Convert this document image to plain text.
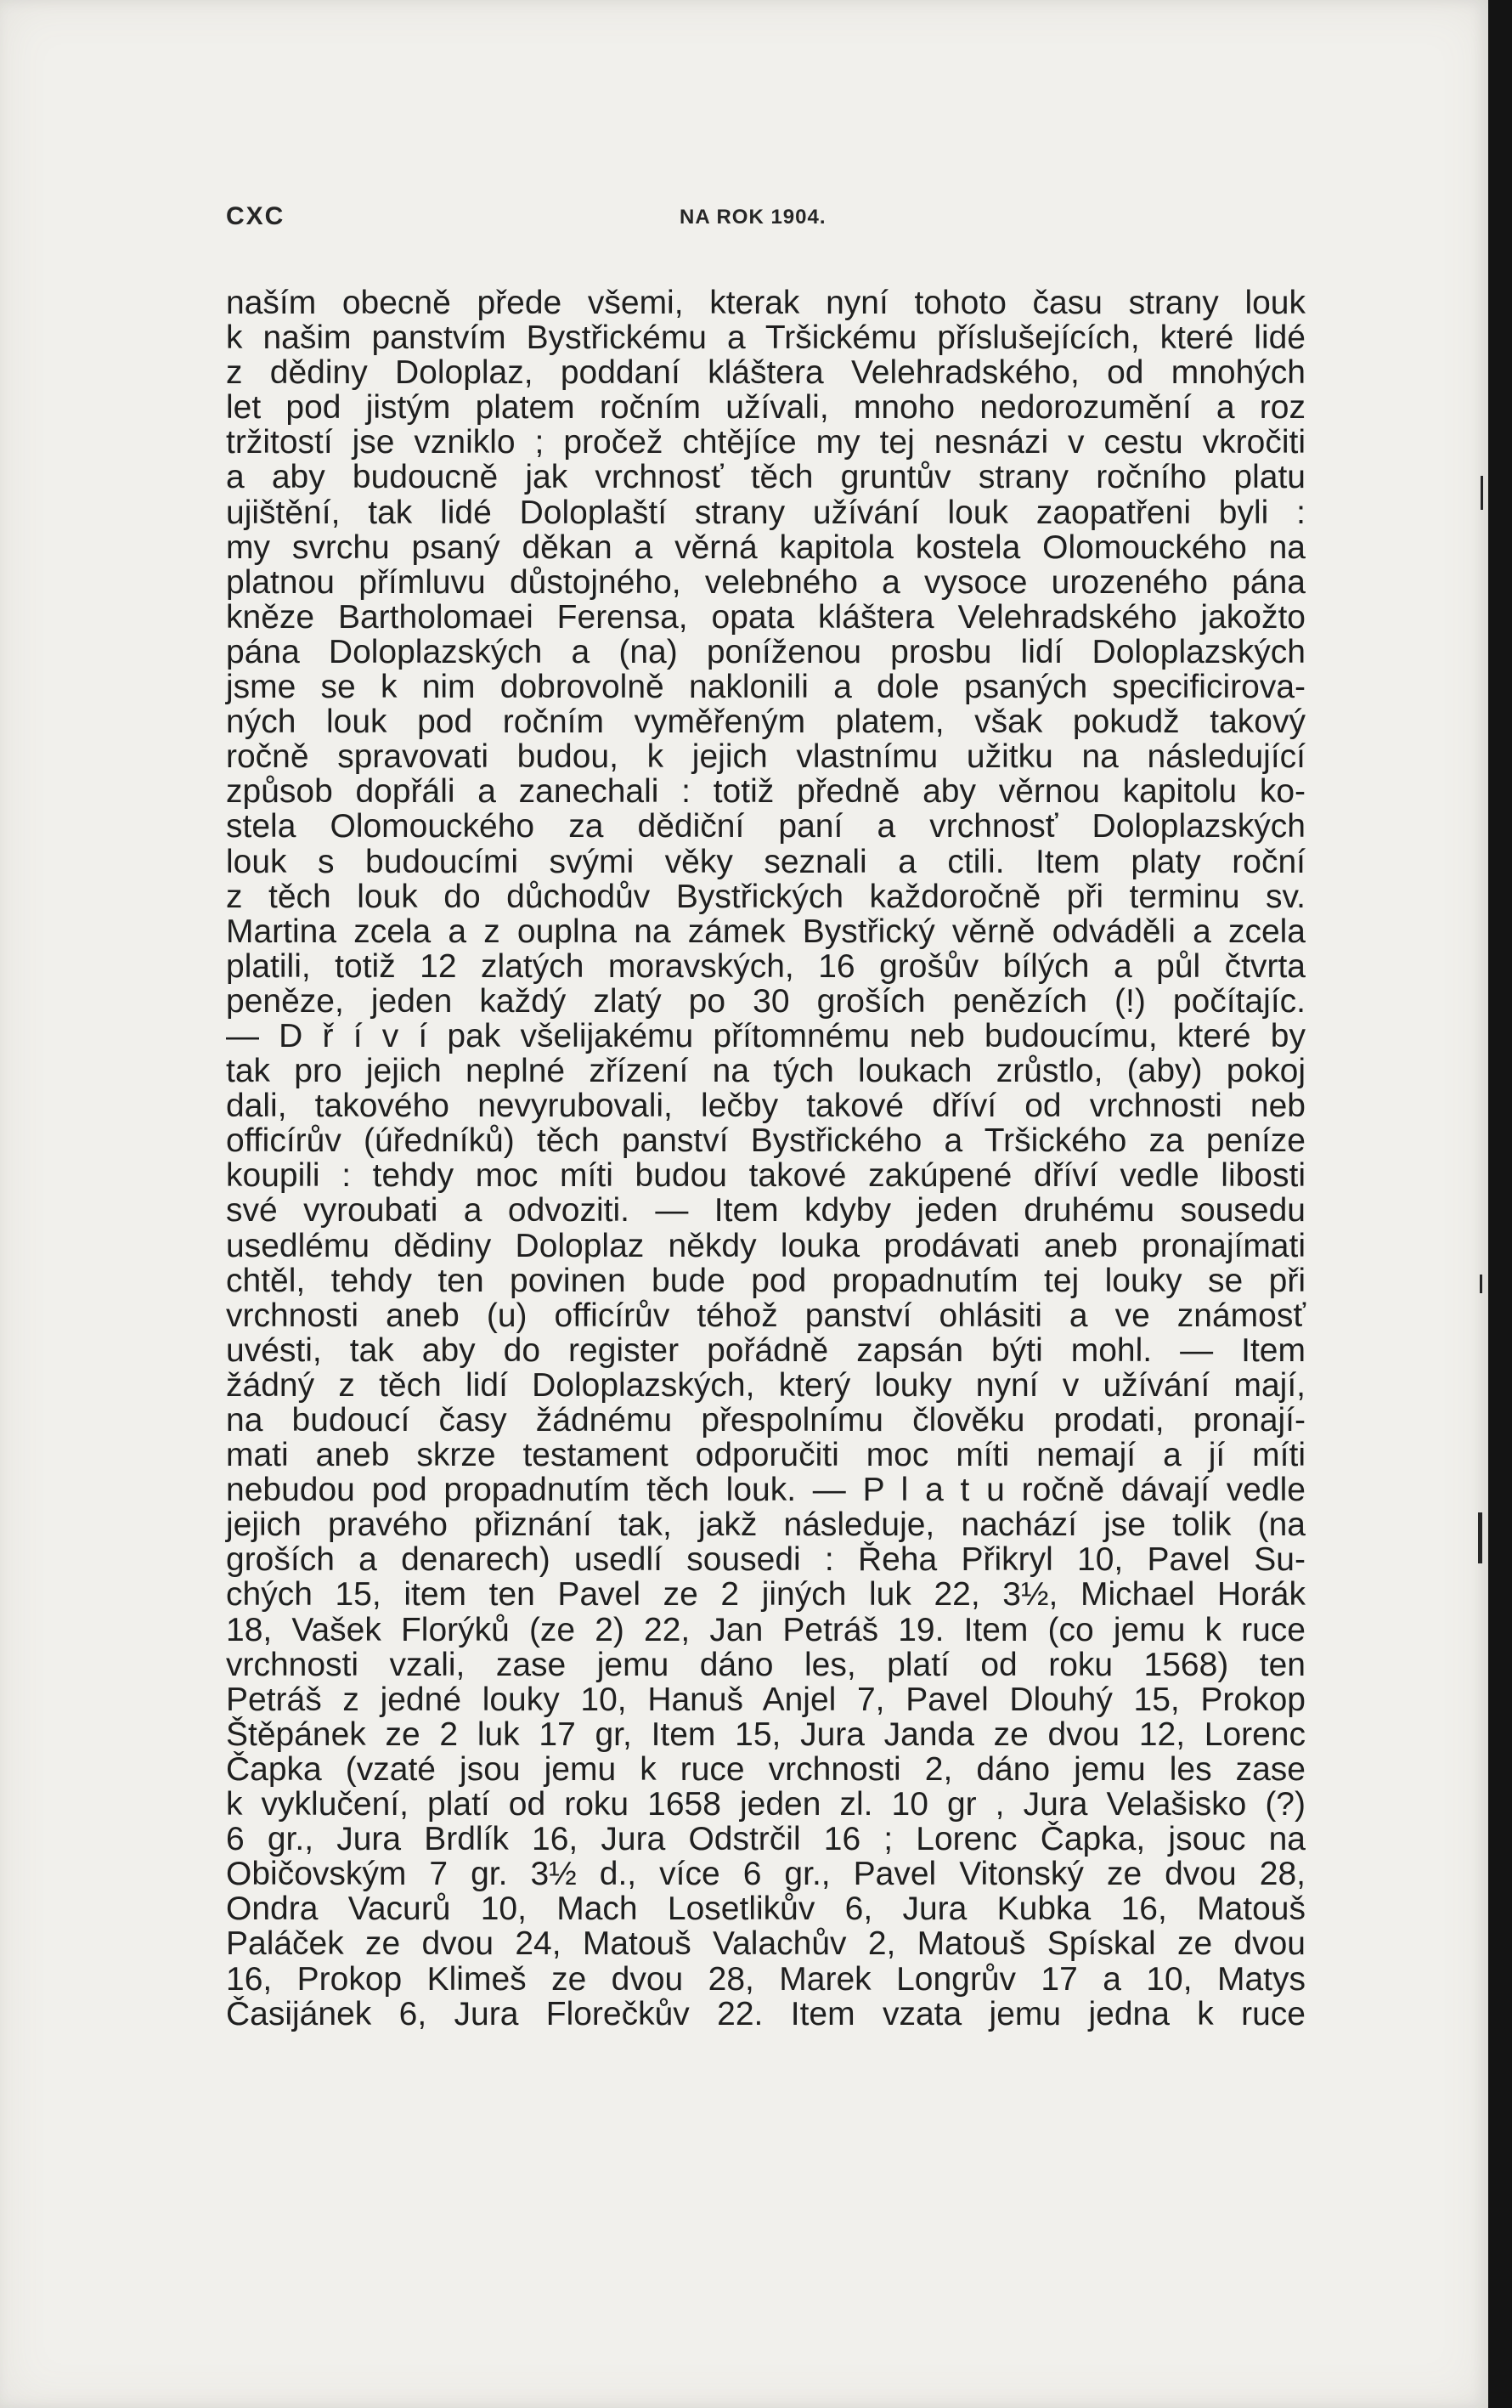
CXC	NA ROK 1904.
naším obecně přede všemi, kterak nyní tohoto času strany louk
k našim panstvím Bystřickému a Tršickému příslušejících, které lidé
z dědiny Doloplaz, poddaní kláštera Velehradského, od mnohých
let pod jistým platem ročním užívali, mnoho nedorozumění a roz
tržitostí jse vzniklo ; pročež chtějíce my tej nesnázi v cestu vkročiti
a aby budoucně jak vrchnosť těch gruntův strany ročního platu
ujištění, tak lidé Doloplaští strany užívání louk zaopatřeni byli :
my svrchu psaný děkan a věrná kapitola kostela Olomouckého na
platnou přímluvu důstojného, velebného a vysoce urozeného pána
kněze Bartholomaei Ferensa, opata kláštera Velehradského jakožto
pána Doloplazských a (na) poníženou prosbu lidí Doloplazských
jsme se k nim dobrovolně naklonili a dole psaných specificirova-
ných louk pod ročním vyměřeným platem, však pokudž takový
ročně spravovati budou, k jejich vlastnímu užitku na následující
způsob dopřáli a zanechali : totiž předně aby věrnou kapitolu ko-
stela Olomouckého za dědiční paní a vrchnosť Doloplazských
louk s budoucími svými věky seznali a ctili. Item platy roční
z těch louk do důchodův Bystřických každoročně při terminu sv.
Martina zcela a z ouplna na zámek Bystřický věrně odváděli a zcela
platili, totiž 12 zlatých moravských, 16 grošův bílých a půl čtvrta
peněze, jeden každý zlatý po 30 groších penězích (!) počítajíc.
— D ř í v í pak všelijakému přítomnému neb budoucímu, které by
tak pro jejich neplné zřízení na tých loukach zrůstlo, (aby) pokoj
dali, takového nevyrubovali, lečby takové dříví od vrchnosti neb
officírův (úředníků) těch panství Bystřického a Tršického za peníze
koupili : tehdy moc míti budou takové zakúpené dříví vedle libosti
své vyroubati a odvoziti. — Item kdyby jeden druhému sousedu
usedlému dědiny Doloplaz někdy louka prodávati aneb pronajímati
chtěl, tehdy ten povinen bude pod propadnutím tej louky se při
vrchnosti aneb (u) officírův téhož panství ohlásiti a ve známosť
uvésti, tak aby do register pořádně zapsán býti mohl. — Item
žádný z těch lidí Doloplazských, který louky nyní v užívání mají,
na budoucí časy žádnému přespolnímu člověku prodati, pronají-
mati aneb skrze testament odporučiti moc míti nemají a jí míti
nebudou pod propadnutím těch louk. — P l a t u ročně dávají vedle
jejich pravého přiznání tak, jakž následuje, nachází jse tolik (na
groších a denarech) usedlí sousedi : Řeha Přikryl 10, Pavel Su-
chých 15, item ten Pavel ze 2 jiných luk 22, 3½, Michael Horák
18, Vašek Florýků (ze 2) 22, Jan Petráš 19. Item (co jemu k ruce
vrchnosti vzali, zase jemu dáno les, platí od roku 1568) ten
Petráš z jedné louky 10, Hanuš Anjel 7, Pavel Dlouhý 15, Prokop
Štěpánek ze 2 luk 17 gr, Item 15, Jura Janda ze dvou 12, Lorenc
Čapka (vzaté jsou jemu k ruce vrchnosti 2, dáno jemu les zase
k vyklučení, platí od roku 1658 jeden zl. 10 gr , Jura Velašisko (?)
6 gr., Jura Brdlík 16, Jura Odstrčil 16 ; Lorenc Čapka, jsouc na
Običovským 7 gr. 3½ d., více 6 gr., Pavel Vitonský ze dvou 28,
Ondra Vacurů 10, Mach Losetlikův 6, Jura Kubka 16, Matouš
Paláček ze dvou 24, Matouš Valachův 2, Matouš Spískal ze dvou
16, Prokop Klimeš ze dvou 28, Marek Longrův 17 a 10, Matys
Časiјánek 6, Jura Florečkův 22. Item vzata jemu jedna k ruce
